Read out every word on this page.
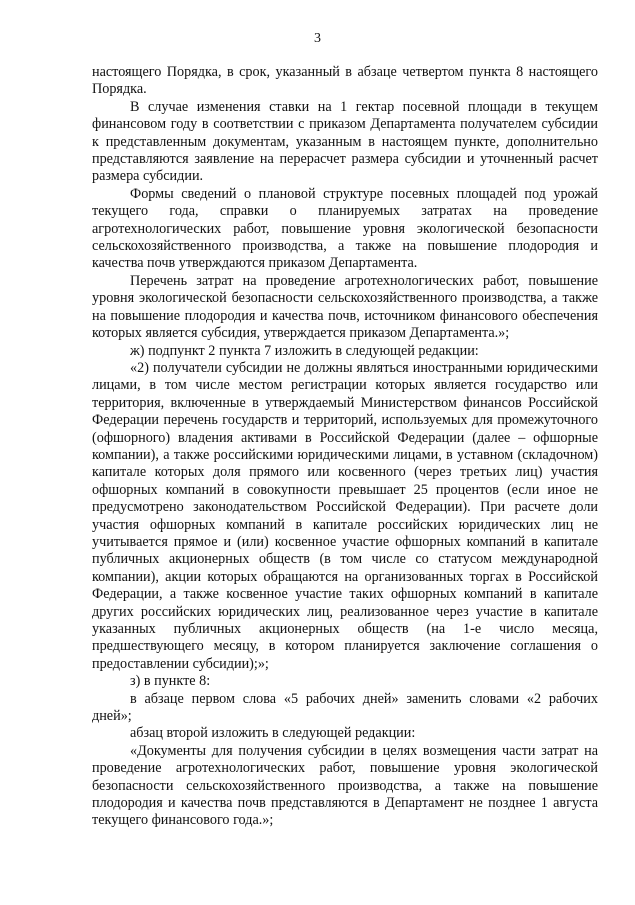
3

настоящего Порядка, в срок, указанный в абзаце четвертом пункта 8 настоящего Порядка.

В случае изменения ставки на 1 гектар посевной площади в текущем финансовом году в соответствии с приказом Департамента получателем субсидии к представленным документам, указанным в настоящем пункте, дополнительно представляются заявление на перерасчет размера субсидии и уточненный расчет размера субсидии.

Формы сведений о плановой структуре посевных площадей под урожай текущего года, справки о планируемых затратах на проведение агротехнологических работ, повышение уровня экологической безопасности сельскохозяйственного производства, а также на повышение плодородия и качества почв утверждаются приказом Департамента.

Перечень затрат на проведение агротехнологических работ, повышение уровня экологической безопасности сельскохозяйственного производства, а также на повышение плодородия и качества почв, источником финансового обеспечения которых является субсидия, утверждается приказом Департамента.»;

ж) подпункт 2 пункта 7 изложить в следующей редакции:

«2) получатели субсидии не должны являться иностранными юридическими лицами, в том числе местом регистрации которых является государство или территория, включенные в утверждаемый Министерством финансов Российской Федерации перечень государств и территорий, используемых для промежуточного (офшорного) владения активами в Российской Федерации (далее – офшорные компании), а также российскими юридическими лицами, в уставном (складочном) капитале которых доля прямого или косвенного (через третьих лиц) участия офшорных компаний в совокупности превышает 25 процентов (если иное не предусмотрено законодательством Российской Федерации). При расчете доли участия офшорных компаний в капитале российских юридических лиц не учитывается прямое и (или) косвенное участие офшорных компаний в капитале публичных акционерных обществ (в том числе со статусом международной компании), акции которых обращаются на организованных торгах в Российской Федерации, а также косвенное участие таких офшорных компаний в капитале других российских юридических лиц, реализованное через участие в капитале указанных публичных акционерных обществ (на 1-е число месяца, предшествующего месяцу, в котором планируется заключение соглашения о предоставлении субсидии);»;

з) в пункте 8:

в абзаце первом слова «5 рабочих дней» заменить словами «2 рабочих дней»;

абзац второй изложить в следующей редакции:

«Документы для получения субсидии в целях возмещения части затрат на проведение агротехнологических работ, повышение уровня экологической безопасности сельскохозяйственного производства, а также на повышение плодородия и качества почв представляются в Департамент не позднее 1 августа текущего финансового года.»;
